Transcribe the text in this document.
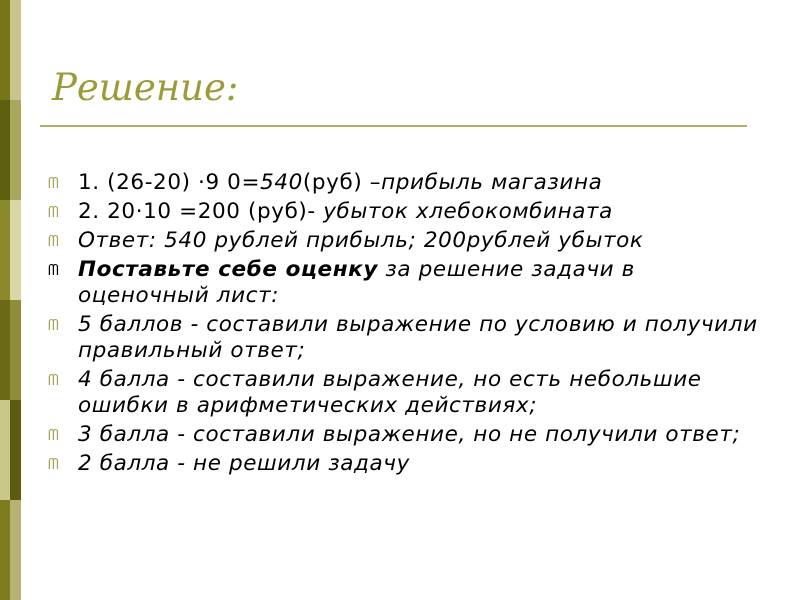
Решение:
ᗰ 1. (26-20) ·9 0=540(руб) –прибыль магазина
ᗰ 2. 20·10 =200 (руб)- убыток хлебокомбината
ᗰ Ответ: 540 рублей прибыль; 200рублей убыток
ᗰ Поставьте себе оценку за решение задачи в оценочный лист:
ᗰ 5 баллов - составили выражение по условию и получили правильный ответ;
ᗰ 4 балла - составили выражение, но есть небольшие ошибки в арифметических действиях;
ᗰ 3 балла - составили выражение, но не получили ответ;
ᗰ 2 балла - не решили задачу
